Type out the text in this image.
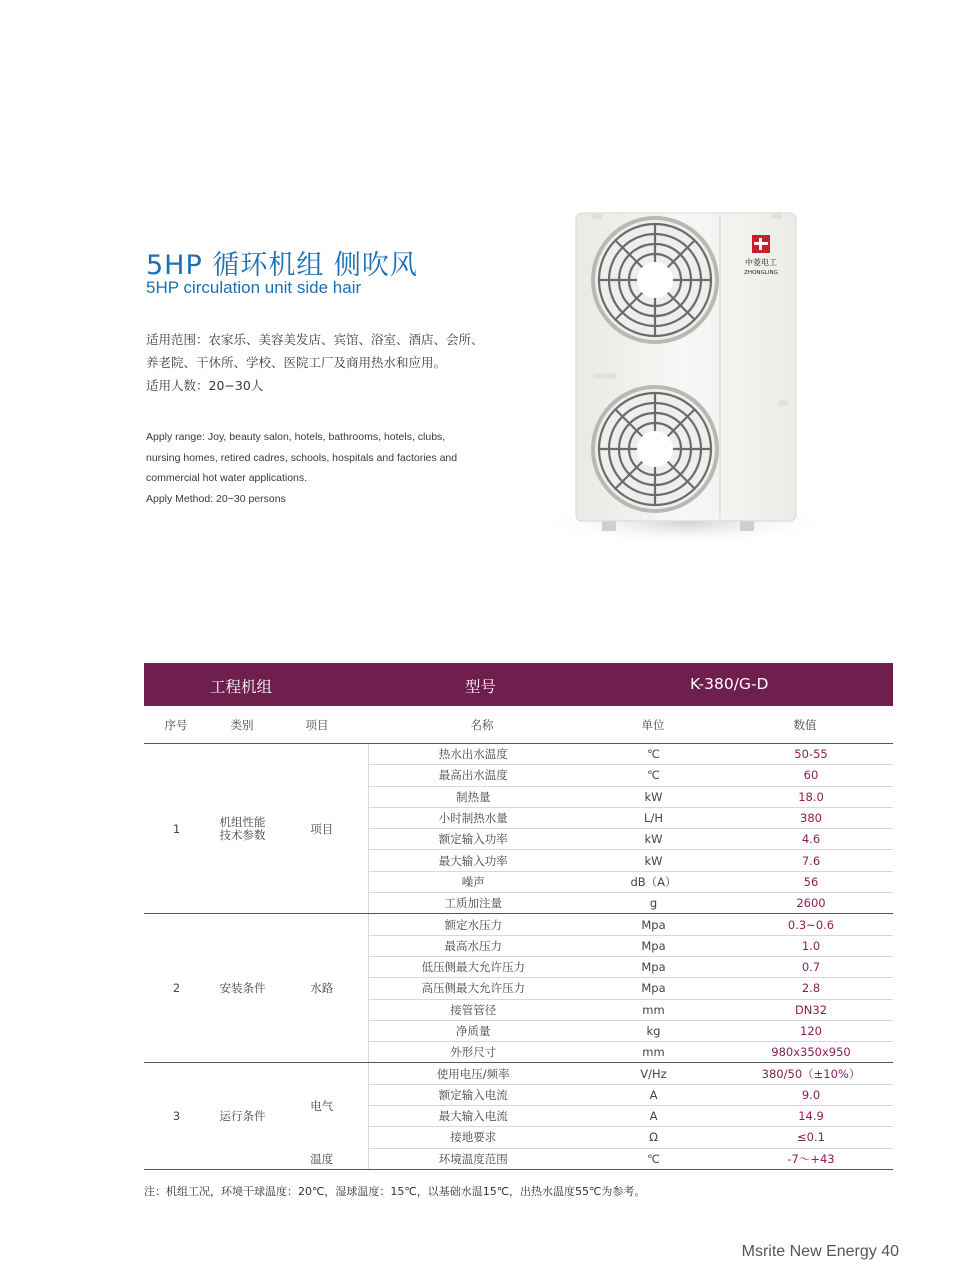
5HP 循环机组 侧吹风
5HP circulation unit side hair
适用范围：农家乐、美容美发店、宾馆、浴室、酒店、会所、
养老院、干休所、学校、医院工厂及商用热水和应用。
适用人数：20−30人
Apply range: Joy, beauty salon, hotels, bathrooms, hotels, clubs,
nursing homes, retired cadres, schools, hospitals and factories and
commercial hot water applications.
Apply Method: 20−30 persons
中菱电工
ZHONGLING
工程机组	型号	K-380/G-D
序号	类别	项目	名称	单位	数值
1	机组性能
技术参数	项目	热水出水温度	℃	50-55
			最高出水温度	℃	60
			制热量	kW	18.0
			小时制热水量	L/H	380
			额定输入功率	kW	4.6
			最大输入功率	kW	7.6
			噪声	dB（A）	56
			工质加注量	g	2600
2	安装条件	水路	额定水压力	Mpa	0.3~0.6
			最高水压力	Mpa	1.0
			低压侧最大允许压力	Mpa	0.7
			高压侧最大允许压力	Mpa	2.8
			接管管径	mm	DN32
			净质量	kg	120
			外形尺寸	mm	980x350x950
3	运行条件	电气	使用电压/频率	V/Hz	380/50（±10%）
			额定输入电流	A	9.0
			最大输入电流	A	14.9
			接地要求	Ω	≤0.1
		温度	环境温度范围	℃	-7～+43
注：机组工况，环境干球温度：20℃，湿球温度：15℃，以基础水温15℃，出热水温度55℃为参考。
Msrite New Energy 40
